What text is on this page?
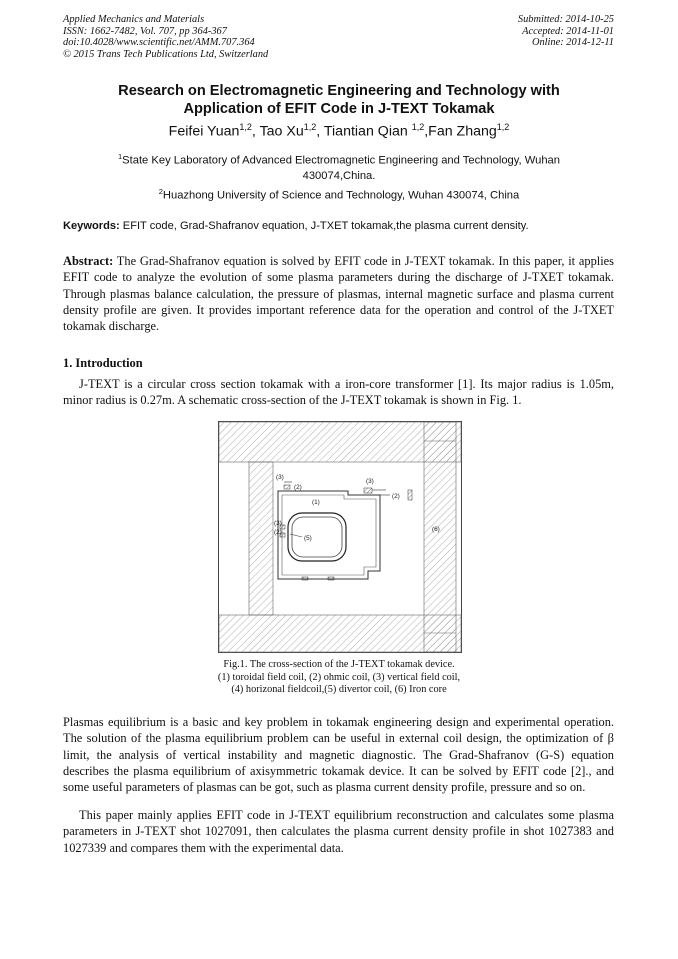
Applied Mechanics and Materials
ISSN: 1662-7482, Vol. 707, pp 364-367
doi:10.4028/www.scientific.net/AMM.707.364
© 2015 Trans Tech Publications Ltd, Switzerland
Submitted: 2014-10-25
Accepted: 2014-11-01
Online: 2014-12-11
Research on Electromagnetic Engineering and Technology with
Application of EFIT Code in J-TEXT Tokamak
Feifei Yuan$^{1,2}$, Tao Xu$^{1,2}$, Tiantian Qian $^{1,2}$,Fan Zhang$^{1,2}$
$^1$State Key Laboratory of Advanced Electromagnetic Engineering and Technology, Wuhan
430074,China.
$^2$Huazhong University of Science and Technology, Wuhan 430074, China
Keywords: EFIT code, Grad-Shafranov equation, J-TXET tokamak,the plasma current density.
Abstract: The Grad-Shafranov equation is solved by EFIT code in J-TEXT tokamak. In this paper, it applies EFIT code to analyze the evolution of some plasma parameters during the discharge of J-TXET tokamak. Through plasmas balance calculation, the pressure of plasmas, internal magnetic surface and plasma current density profile are given. It provides important reference data for the operation and control of the J-TXET tokamak discharge.
1. Introduction
J-TEXT is a circular cross section tokamak with a iron-core transformer [1]. Its major radius is 1.05m, minor radius is 0.27m. A schematic cross-section of the J-TEXT tokamak is shown in Fig. 1.
(3)
(2)
(1)
(3)
(2)
(3)
(2)
(5)
(6)
Fig.1. The cross-section of the J-TEXT tokamak device.
(1) toroidal field coil, (2) ohmic coil, (3) vertical field coil,
(4) horizonal fieldcoil,(5) divertor coil, (6) Iron core
Plasmas equilibrium is a basic and key problem in tokamak engineering design and experimental operation. The solution of the plasma equilibrium problem can be useful in external coil design, the optimization of β limit, the analysis of vertical instability and magnetic diagnostic. The Grad-Shafranov (G-S) equation describes the plasma equilibrium of axisymmetric tokamak device. It can be solved by EFIT code [2]., and some useful parameters of plasmas can be got, such as plasma current density profile, pressure and so on.
This paper mainly applies EFIT code in J-TEXT equilibrium reconstruction and calculates some plasma parameters in J-TEXT shot 1027091, then calculates the plasma current density profile in shot 1027383 and 1027339 and compares them with the experimental data.
